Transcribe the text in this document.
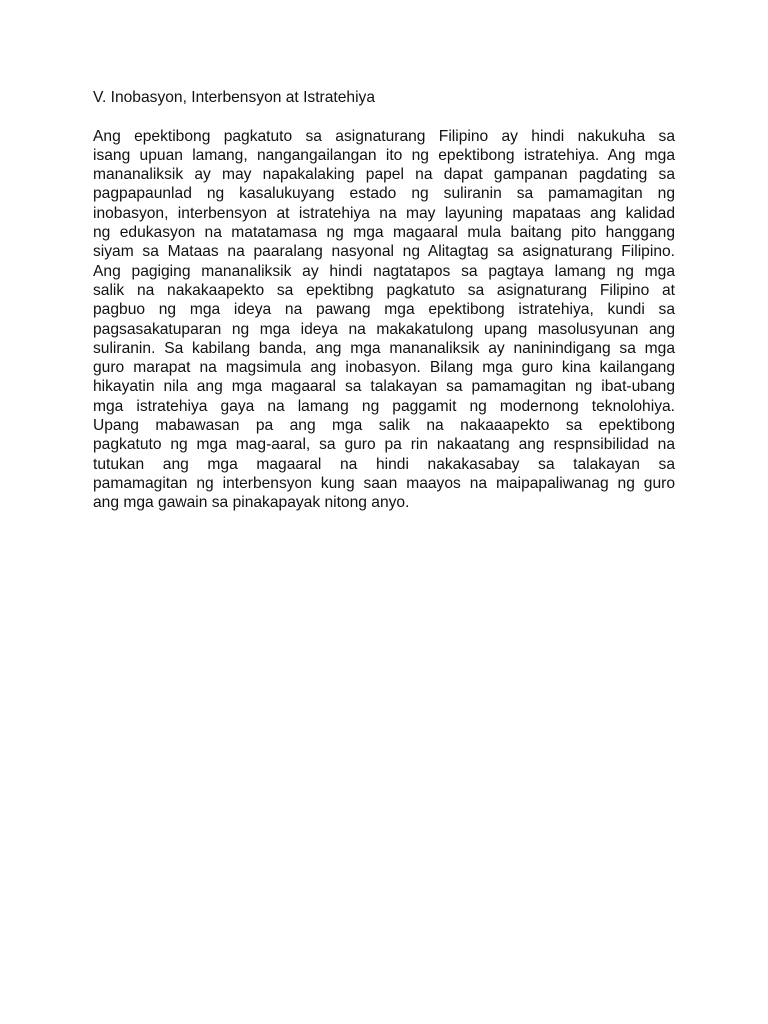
V. Inobasyon, Interbensyon at Istratehiya

Ang epektibong pagkatuto sa asignaturang Filipino ay hindi nakukuha sa
isang upuan lamang, nangangailangan ito ng epektibong istratehiya. Ang mga
mananaliksik ay may napakalaking papel na dapat gampanan pagdating sa
pagpapaunlad ng kasalukuyang estado ng suliranin sa pamamagitan ng
inobasyon, interbensyon at istratehiya na may layuning mapataas ang kalidad
ng edukasyon na matatamasa ng mga magaaral mula baitang pito hanggang
siyam sa Mataas na paaralang nasyonal ng Alitagtag sa asignaturang Filipino.
Ang pagiging mananaliksik ay hindi nagtatapos sa pagtaya lamang ng mga
salik na nakakaapekto sa epektibng pagkatuto sa asignaturang Filipino at
pagbuo ng mga ideya na pawang mga epektibong istratehiya, kundi sa
pagsasakatuparan ng mga ideya na makakatulong upang masolusyunan ang
suliranin. Sa kabilang banda, ang mga mananaliksik ay naninindigang sa mga
guro marapat na magsimula ang inobasyon. Bilang mga guro kina kailangang
hikayatin nila ang mga magaaral sa talakayan sa pamamagitan ng ibat-ubang
mga istratehiya gaya na lamang ng paggamit ng modernong teknolohiya.
Upang mabawasan pa ang mga salik na nakaaapekto sa epektibong
pagkatuto ng mga mag-aaral, sa guro pa rin nakaatang ang respnsibilidad na
tutukan ang mga magaaral na hindi nakakasabay sa talakayan sa
pamamagitan ng interbensyon kung saan maayos na maipapaliwanag ng guro
ang mga gawain sa pinakapayak nitong anyo.
